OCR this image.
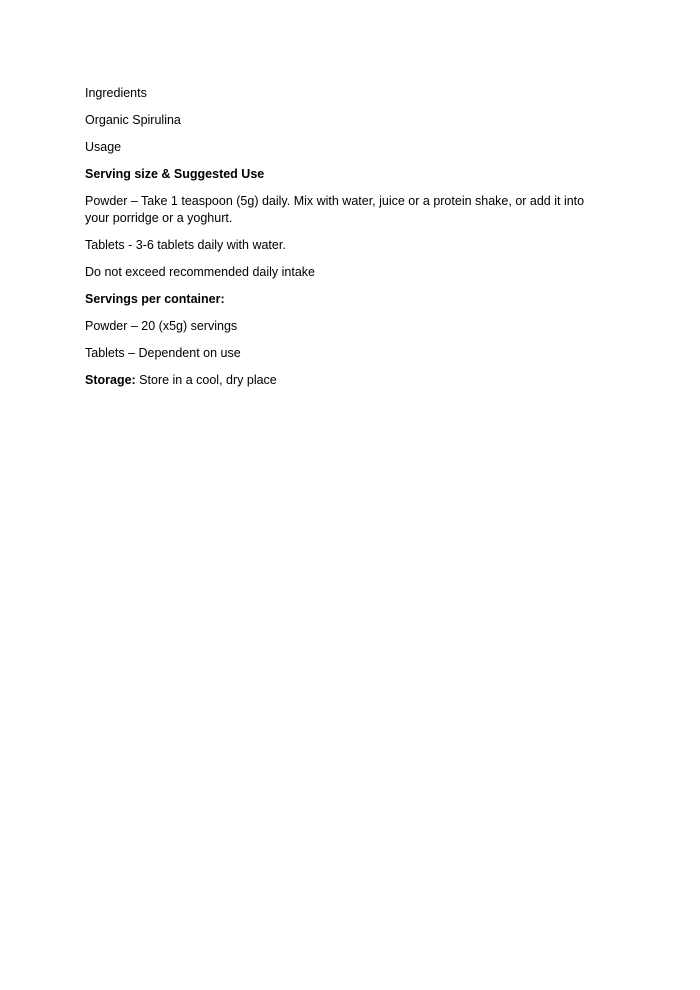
Ingredients

Organic Spirulina

Usage

Serving size & Suggested Use

Powder – Take 1 teaspoon (5g) daily. Mix with water, juice or a protein shake, or add it into your porridge or a yoghurt.

Tablets - 3-6 tablets daily with water.

Do not exceed recommended daily intake

Servings per container:

Powder – 20 (x5g) servings

Tablets – Dependent on use

Storage: Store in a cool, dry place
